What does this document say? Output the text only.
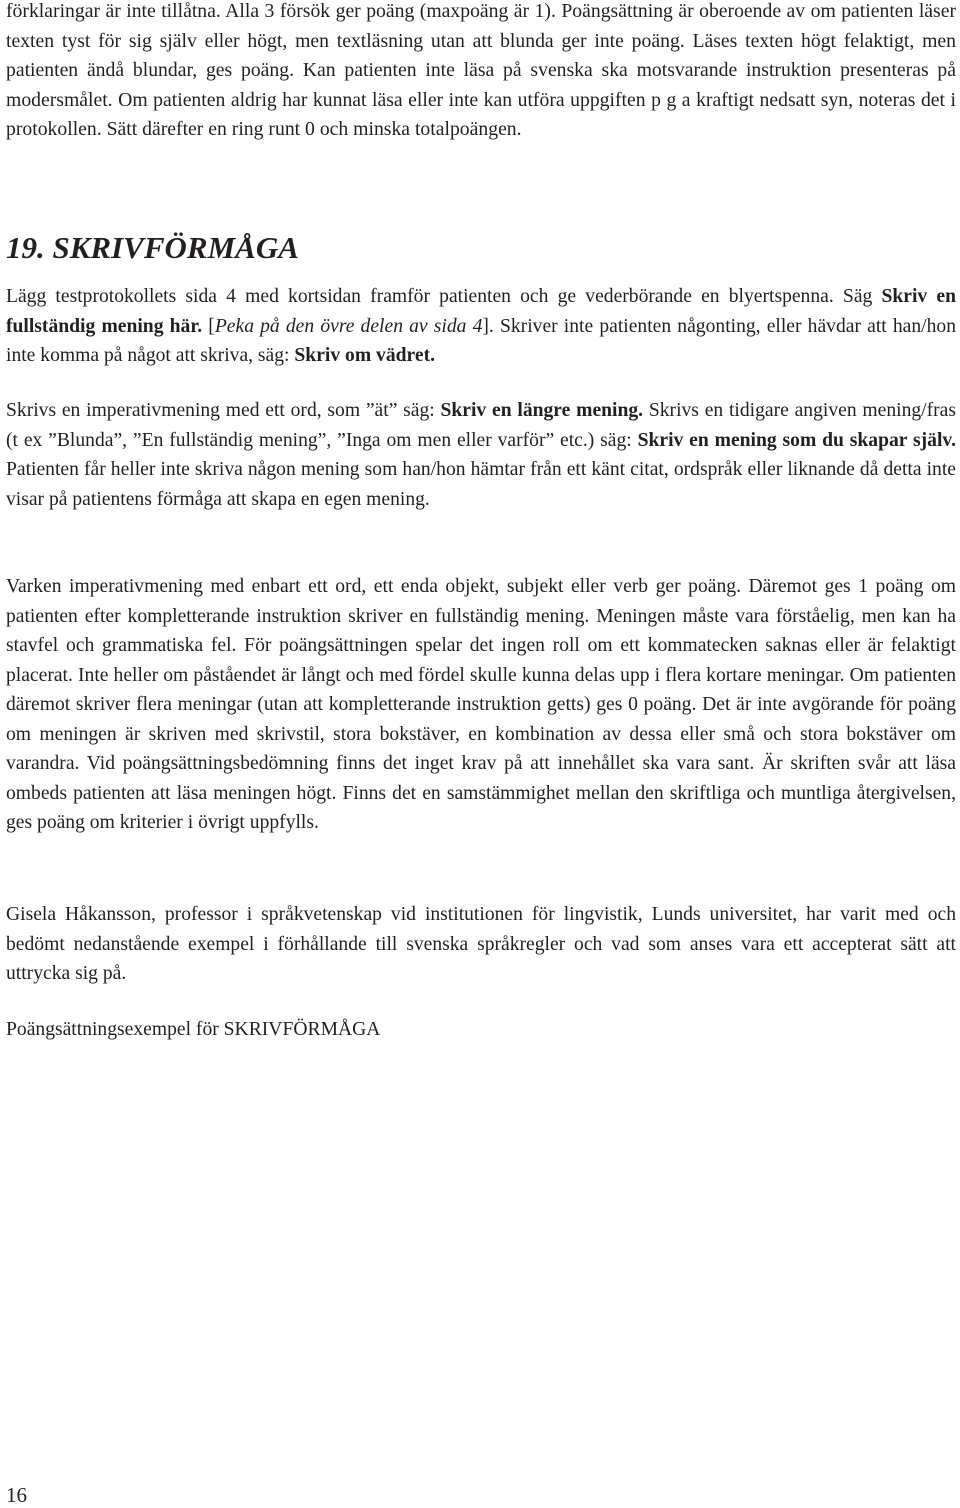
förklaringar är inte tillåtna. Alla 3 försök ger poäng (maxpoäng är 1). Poängsättning är oberoende av om patienten läser texten tyst för sig själv eller högt, men textläsning utan att blunda ger inte poäng. Läses texten högt felaktigt, men patienten ändå blundar, ges poäng. Kan patienten inte läsa på svenska ska motsvarande instruktion presenteras på modersmålet. Om patienten aldrig har kunnat läsa eller inte kan utföra uppgiften p g a kraftigt nedsatt syn, noteras det i protokollen. Sätt därefter en ring runt 0 och minska totalpoängen.

19. SKRIVFÖRMÅGA

Lägg testprotokollets sida 4 med kortsidan framför patienten och ge vederbörande en blyertspenna. Säg Skriv en fullständig mening här. [Peka på den övre delen av sida 4]. Skriver inte patienten någonting, eller hävdar att han/hon inte komma på något att skriva, säg: Skriv om vädret.

Skrivs en imperativmening med ett ord, som ”ät” säg: Skriv en längre mening. Skrivs en tidigare angiven mening/fras (t ex ”Blunda”, ”En fullständig mening”, ”Inga om men eller varför” etc.) säg: Skriv en mening som du skapar själv. Patienten får heller inte skriva någon mening som han/hon hämtar från ett känt citat, ordspråk eller liknande då detta inte visar på patientens förmåga att skapa en egen mening.

Varken imperativmening med enbart ett ord, ett enda objekt, subjekt eller verb ger poäng. Däremot ges 1 poäng om patienten efter kompletterande instruktion skriver en fullständig mening. Meningen måste vara förståelig, men kan ha stavfel och grammatiska fel. För poängsättningen spelar det ingen roll om ett kommatecken saknas eller är felaktigt placerat. Inte heller om påståendet är långt och med fördel skulle kunna delas upp i flera kortare meningar. Om patienten däremot skriver flera meningar (utan att kompletterande instruktion getts) ges 0 poäng. Det är inte avgörande för poäng om meningen är skriven med skrivstil, stora bokstäver, en kombination av dessa eller små och stora bokstäver om varandra. Vid poängsättningsbedömning finns det inget krav på att innehållet ska vara sant. Är skriften svår att läsa ombeds patienten att läsa meningen högt. Finns det en samstämmighet mellan den skriftliga och muntliga återgivelsen, ges poäng om kriterier i övrigt uppfylls.

Gisela Håkansson, professor i språkvetenskap vid institutionen för lingvistik, Lunds universitet, har varit med och bedömt nedanstående exempel i förhållande till svenska språkregler och vad som anses vara ett accepterat sätt att uttrycka sig på.

Poängsättningsexempel för SKRIVFÖRMÅGA

16
